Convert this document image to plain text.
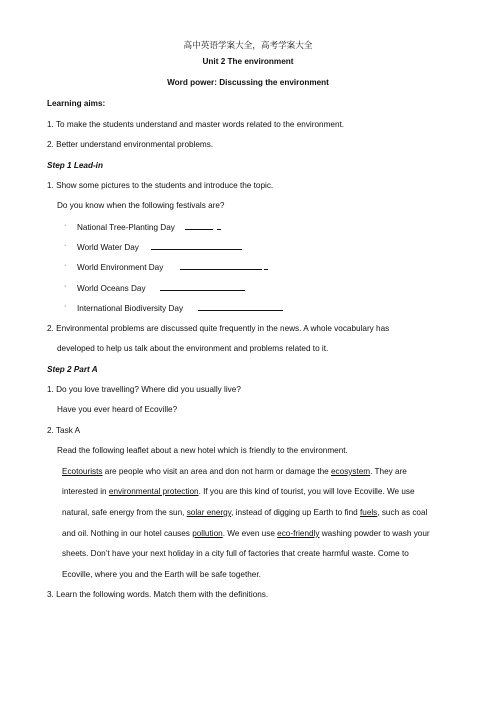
高中英语学案大全，高考学案大全
Unit 2 The environment
Word power: Discussing the environment
Learning aims:
1. To make the students understand and master words related to the environment.
2. Better understand environmental problems.
Step 1 Lead-in
1. Show some pictures to the students and introduce the topic.
Do you know when the following festivals are?
· National Tree-Planting Day
· World Water Day
· World Environment Day
· World Oceans Day
· International Biodiversity Day
2. Environmental problems are discussed quite frequently in the news. A whole vocabulary has
developed to help us talk about the environment and problems related to it.
Step 2 Part A
1. Do you love travelling? Where did you usually live?
Have you ever heard of Ecoville?
2. Task A
Read the following leaflet about a new hotel which is friendly to the environment.
Ecotourists are people who visit an area and don not harm or damage the ecosystem. They are
interested in environmental protection. If you are this kind of tourist, you will love Ecoville. We use
natural, safe energy from the sun, solar energy, instead of digging up Earth to find fuels, such as coal
and oil. Nothing in our hotel causes pollution. We even use eco-friendly washing powder to wash your
sheets. Don’t have your next holiday in a city full of factories that create harmful waste. Come to
Ecoville, where you and the Earth will be safe together.
3. Learn the following words. Match them with the definitions.
